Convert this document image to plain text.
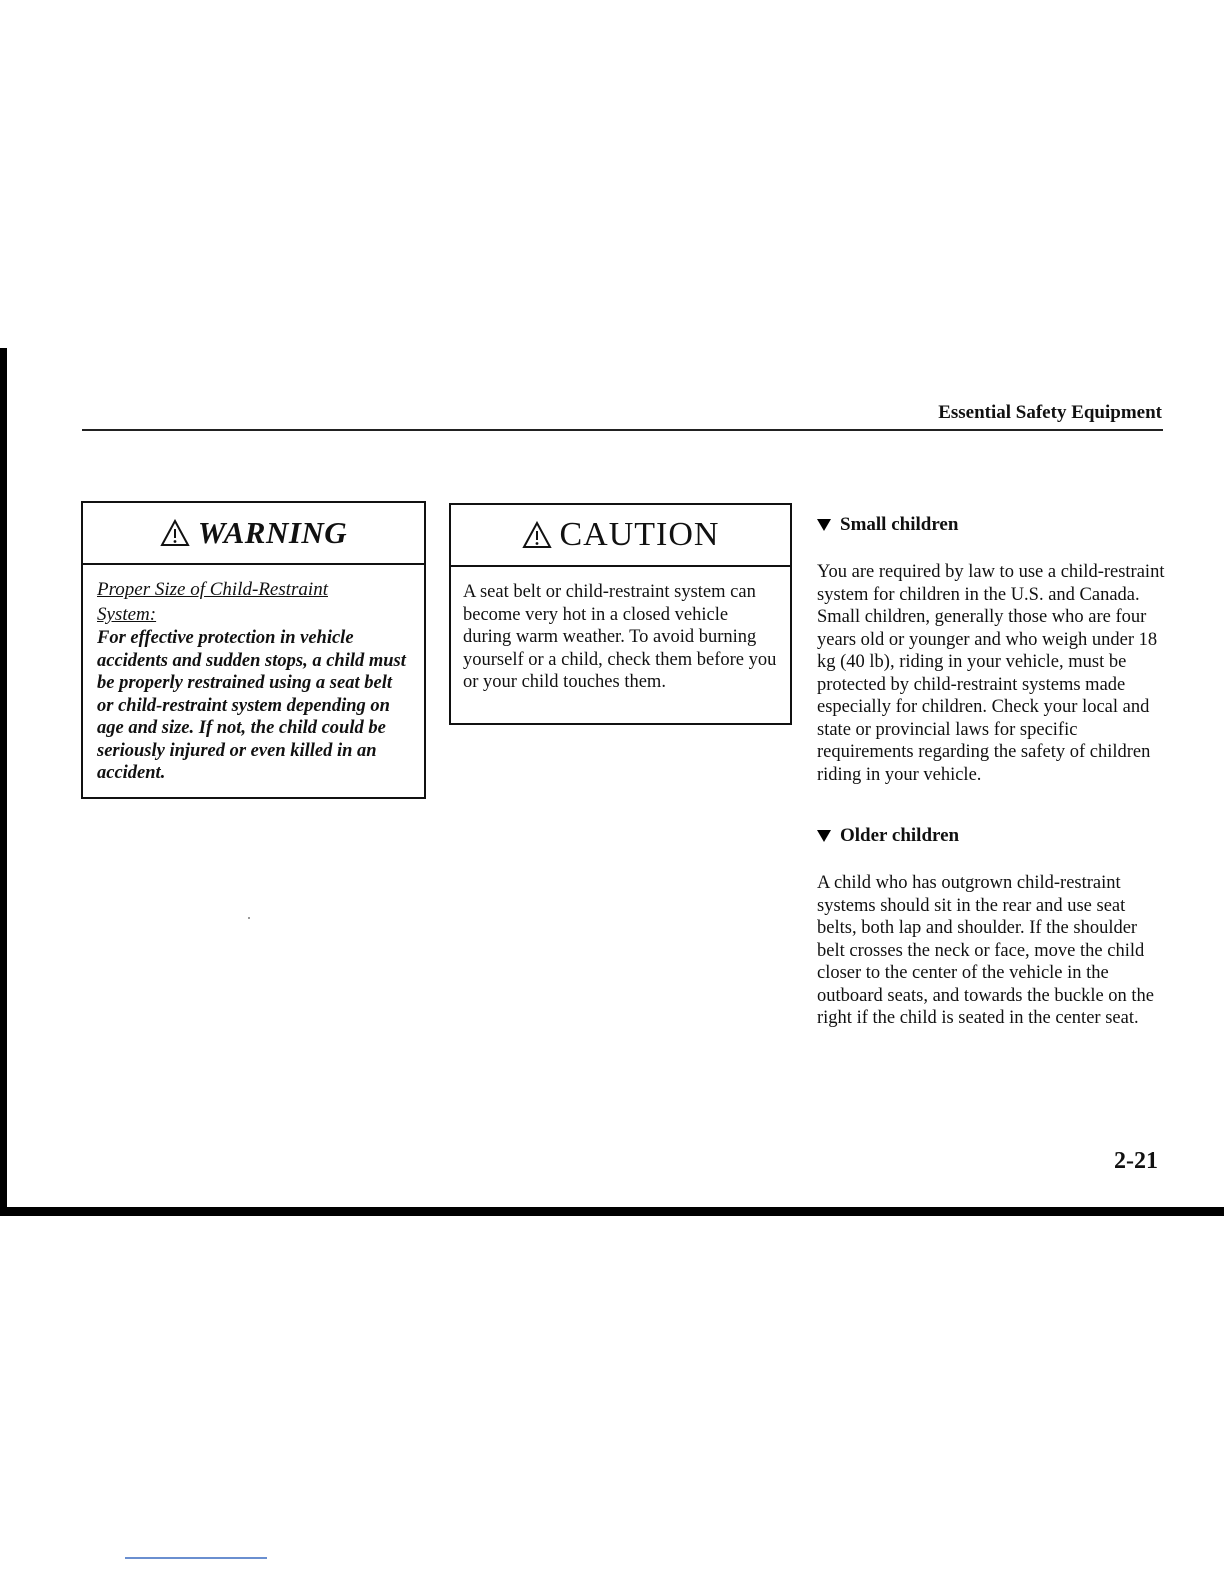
Essential Safety Equipment
WARNING
Proper Size of Child-Restraint System:
For effective protection in vehicle accidents and sudden stops, a child must be properly restrained using a seat belt or child-restraint system depending on age and size. If not, the child could be seriously injured or even killed in an accident.
CAUTION
A seat belt or child-restraint system can become very hot in a closed vehicle during warm weather. To avoid burning yourself or a child, check them before you or your child touches them.
Small children
You are required by law to use a child-restraint system for children in the U.S. and Canada. Small children, generally those who are four years old or younger and who weigh under 18 kg (40 lb), riding in your vehicle, must be protected by child-restraint systems made especially for children. Check your local and state or provincial laws for specific requirements regarding the safety of children riding in your vehicle.
Older children
A child who has outgrown child-restraint systems should sit in the rear and use seat belts, both lap and shoulder. If the shoulder belt crosses the neck or face, move the child closer to the center of the vehicle in the outboard seats, and towards the buckle on the right if the child is seated in the center seat.
2-21
